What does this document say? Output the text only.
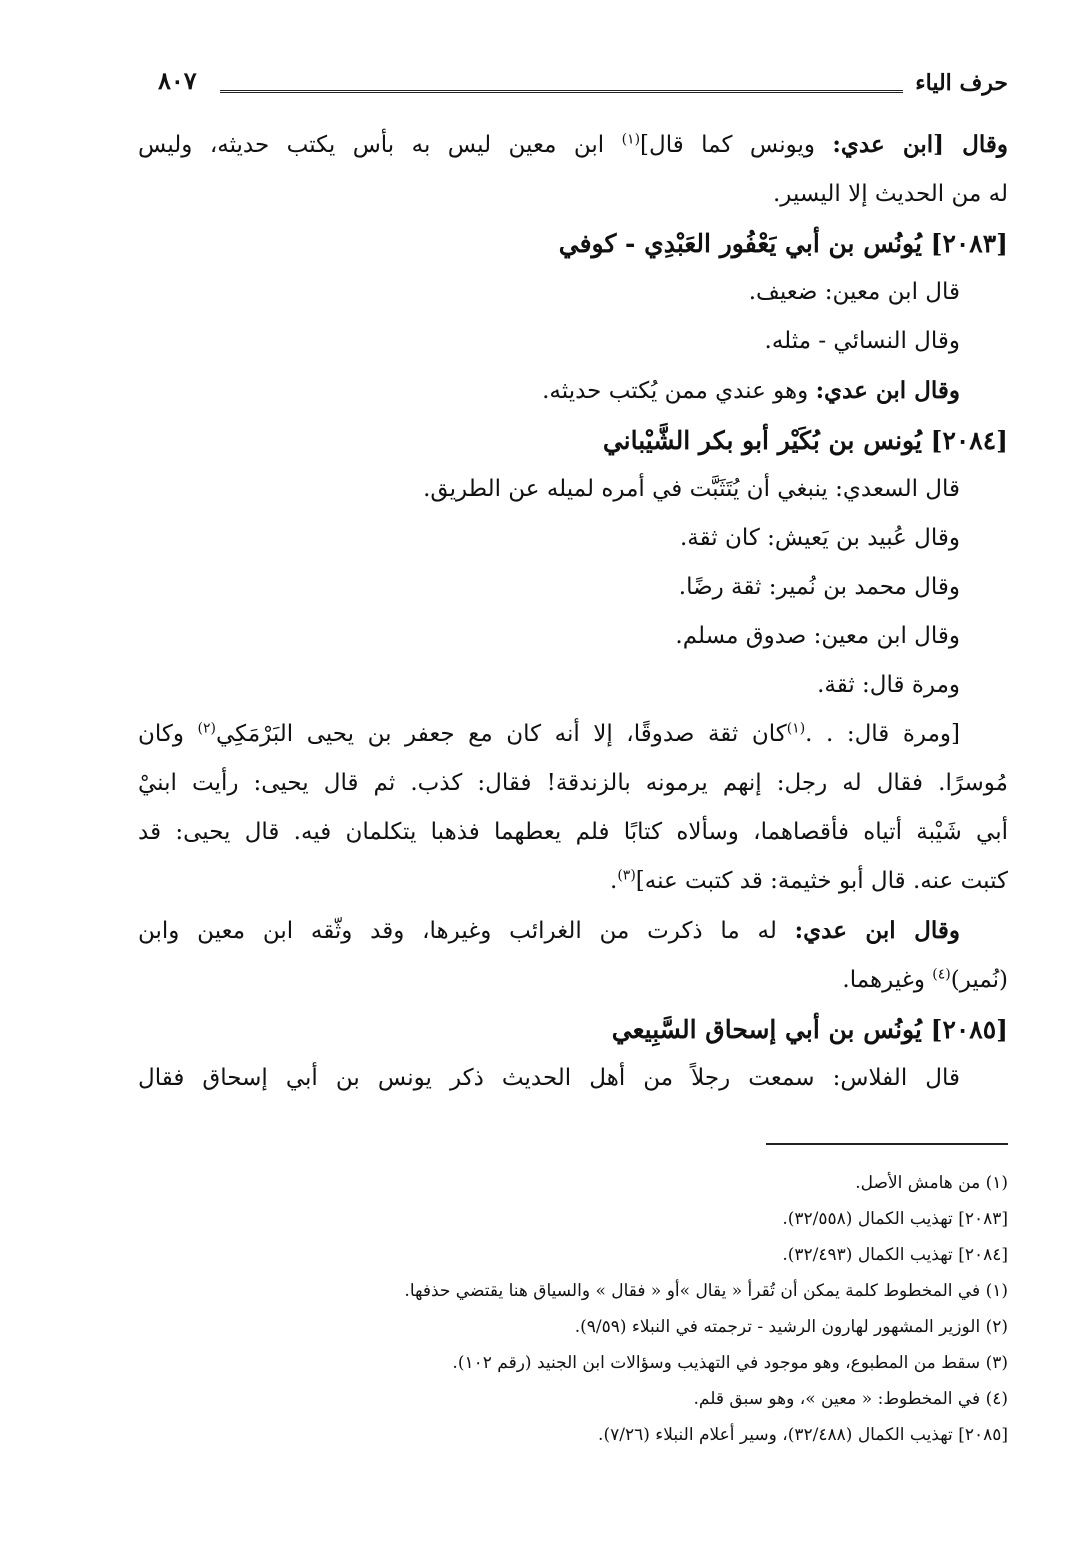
حرف الياء
٨٠٧
وقال [ابن عدي: ويونس كما قال]$^{(١)}$ ابن معين ليس به بأس يكتب حديثه، وليس
له من الحديث إلا اليسير.
[٢٠٨٣] يُونُس بن أبي يَعْفُور العَبْدِي - كوفي
قال ابن معين: ضعيف.
وقال النسائي - مثله.
وقال ابن عدي: وهو عندي ممن يُكتب حديثه.
[٢٠٨٤] يُونس بن بُكَيْر أبو بكر الشَّيْباني
قال السعدي: ينبغي أن يُتَثَبَّت في أمره لميله عن الطريق.
وقال عُبيد بن يَعيش: كان ثقة.
وقال محمد بن نُمير: ثقة رضًا.
وقال ابن معين: صدوق مسلم.
ومرة قال: ثقة.
[ومرة قال: . .$^{(١)}$كان ثقة صدوقًا، إلا أنه كان مع جعفر بن يحيى البَرْمَكِي$^{(٢)}$ وكان
مُوسرًا. فقال له رجل: إنهم يرمونه بالزندقة! فقال: كذب. ثم قال يحيى: رأيت ابنيْ
أبي شَيْبة أتياه فأقصاهما، وسألاه كتابًا فلم يعطهما فذهبا يتكلمان فيه. قال يحيى: قد
كتبت عنه. قال أبو خثيمة: قد كتبت عنه]$^{(٣)}$.
وقال ابن عدي: له ما ذكرت من الغرائب وغيرها، وقد وثّقه ابن معين وابن
(نُمير)$^{(٤)}$ وغيرهما.
[٢٠٨٥] يُونُس بن أبي إسحاق السَّبِيعي
قال الفلاس: سمعت رجلاً من أهل الحديث ذكر يونس بن أبي إسحاق فقال
(١) من هامش الأصل.
[٢٠٨٣] تهذيب الكمال (٣٢/٥٥٨).
[٢٠٨٤] تهذيب الكمال (٣٢/٤٩٣).
(١) في المخطوط كلمة يمكن أن تُقرأ « يقال »أو « فقال » والسياق هنا يقتضي حذفها.
(٢) الوزير المشهور لهارون الرشيد - ترجمته في النبلاء (٩/٥٩).
(٣) سقط من المطبوع، وهو موجود في التهذيب وسؤالات ابن الجنيد (رقم ١٠٢).
(٤) في المخطوط: « معين »، وهو سبق قلم.
[٢٠٨٥] تهذيب الكمال (٣٢/٤٨٨)، وسير أعلام النبلاء (٧/٢٦).
